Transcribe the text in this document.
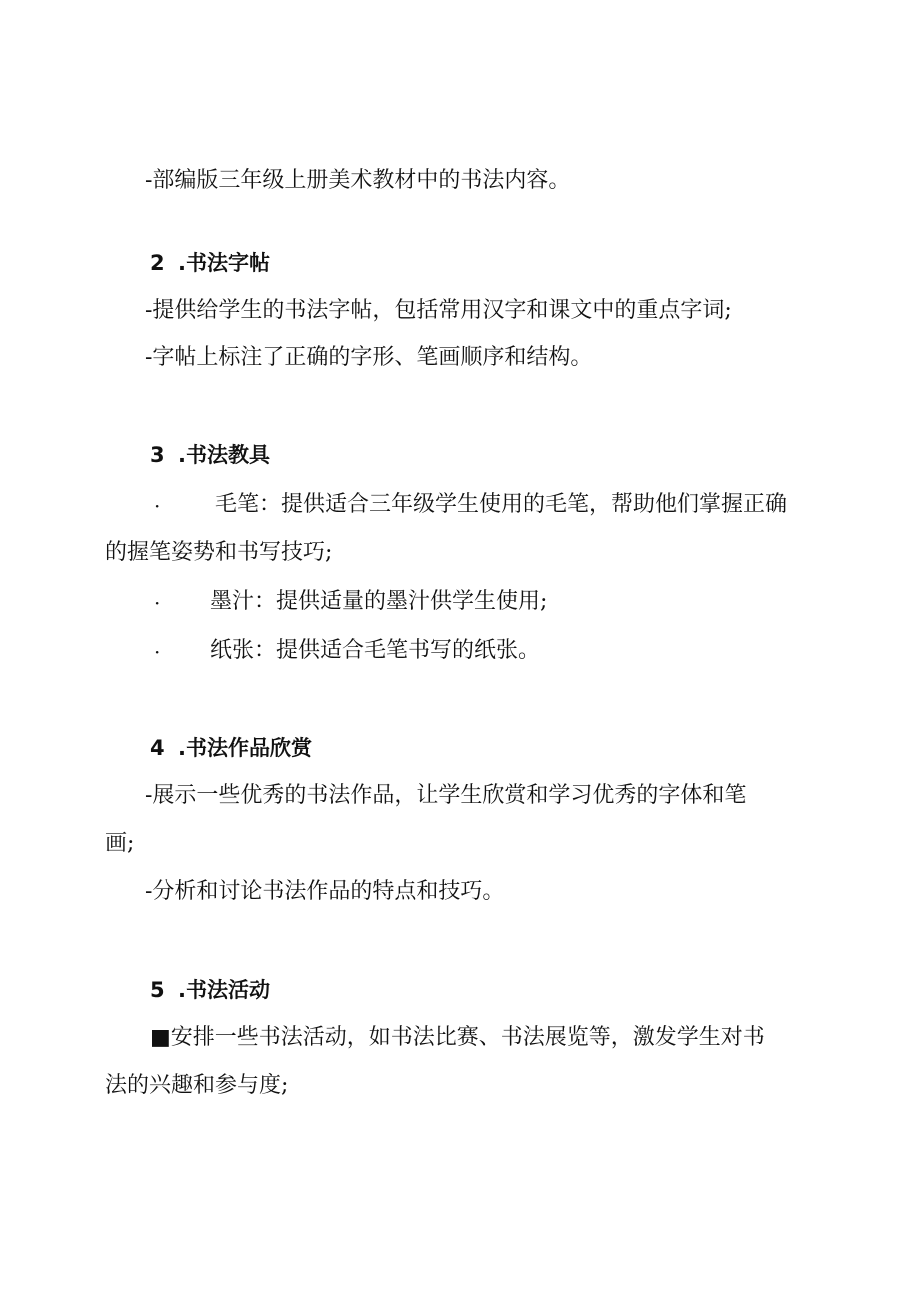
-部编版三年级上册美术教材中的书法内容。
2 .书法字帖
-提供给学生的书法字帖，包括常用汉字和课文中的重点字词;
-字帖上标注了正确的字形、笔画顺序和结构。
3 .书法教具
· 毛笔：提供适合三年级学生使用的毛笔，帮助他们掌握正确
的握笔姿势和书写技巧;
· 墨汁：提供适量的墨汁供学生使用;
· 纸张：提供适合毛笔书写的纸张。
4 .书法作品欣赏
-展示一些优秀的书法作品，让学生欣赏和学习优秀的字体和笔
画;
-分析和讨论书法作品的特点和技巧。
5 .书法活动
■安排一些书法活动，如书法比赛、书法展览等，激发学生对书
法的兴趣和参与度;
